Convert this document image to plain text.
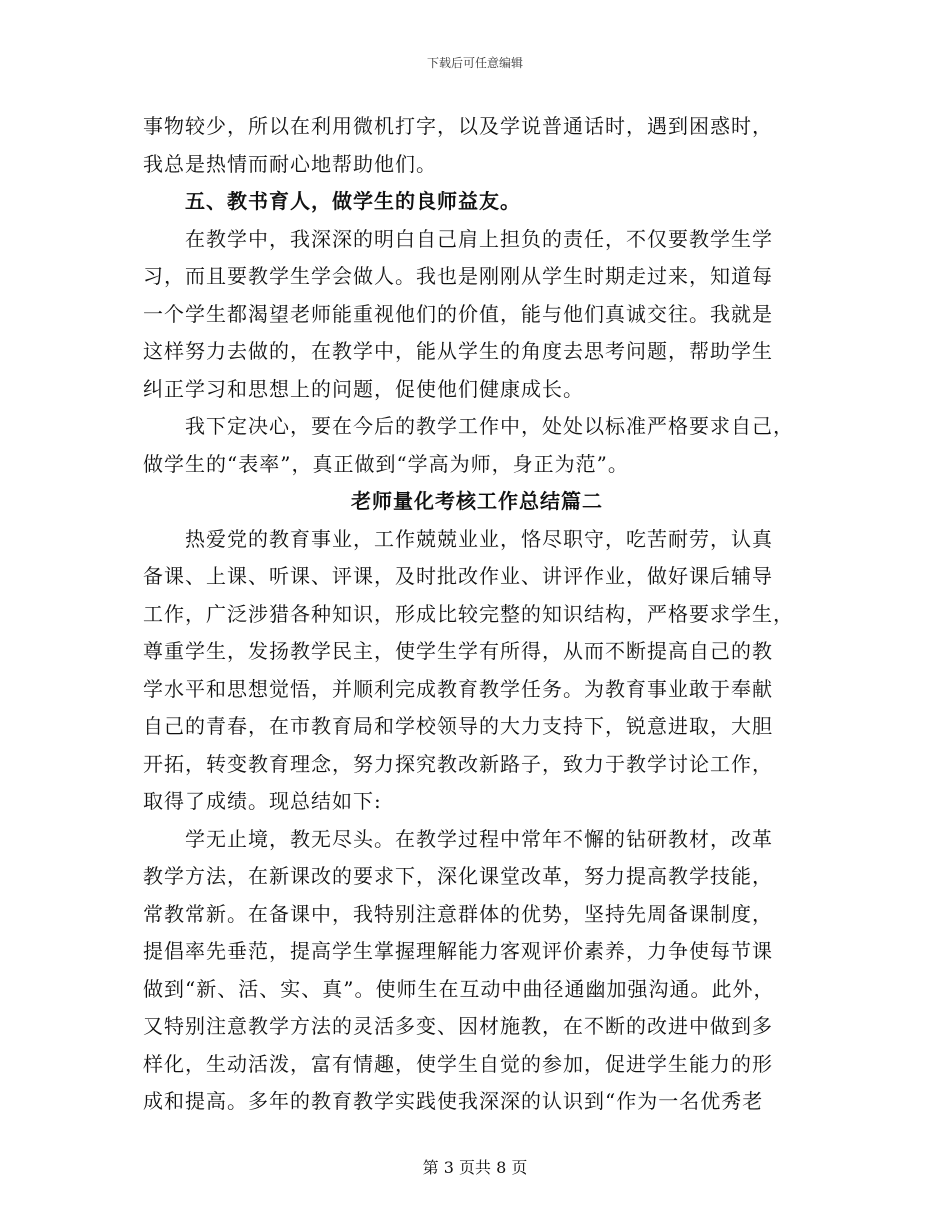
下载后可任意编辑
事物较少，所以在利用微机打字，以及学说普通话时，遇到困惑时，
我总是热情而耐心地帮助他们。
五、教书育人，做学生的良师益友。
　　在教学中，我深深的明白自己肩上担负的责任，不仅要教学生学
习，而且要教学生学会做人。我也是刚刚从学生时期走过来，知道每
一个学生都渴望老师能重视他们的价值，能与他们真诚交往。我就是
这样努力去做的，在教学中，能从学生的角度去思考问题，帮助学生
纠正学习和思想上的问题，促使他们健康成长。
　　我下定决心，要在今后的教学工作中，处处以标准严格要求自己，
做学生的“表率”，真正做到“学高为师，身正为范”。
老师量化考核工作总结篇二
　　热爱党的教育事业，工作兢兢业业，恪尽职守，吃苦耐劳，认真
备课、上课、听课、评课，及时批改作业、讲评作业，做好课后辅导
工作，广泛涉猎各种知识，形成比较完整的知识结构，严格要求学生，
尊重学生，发扬教学民主，使学生学有所得，从而不断提高自己的教
学水平和思想觉悟，并顺利完成教育教学任务。为教育事业敢于奉献
自己的青春，在市教育局和学校领导的大力支持下，锐意进取，大胆
开拓，转变教育理念，努力探究教改新路子，致力于教学讨论工作，
取得了成绩。现总结如下:
　　学无止境，教无尽头。在教学过程中常年不懈的钻研教材，改革
教学方法，在新课改的要求下，深化课堂改革，努力提高教学技能，
常教常新。在备课中，我特别注意群体的优势，坚持先周备课制度，
提倡率先垂范，提高学生掌握理解能力客观评价素养，力争使每节课
做到“新、活、实、真”。使师生在互动中曲径通幽加强沟通。此外，
又特别注意教学方法的灵活多变、因材施教，在不断的改进中做到多
样化，生动活泼，富有情趣，使学生自觉的参加，促进学生能力的形
成和提高。多年的教育教学实践使我深深的认识到“作为一名优秀老
第 3 页共 8 页
